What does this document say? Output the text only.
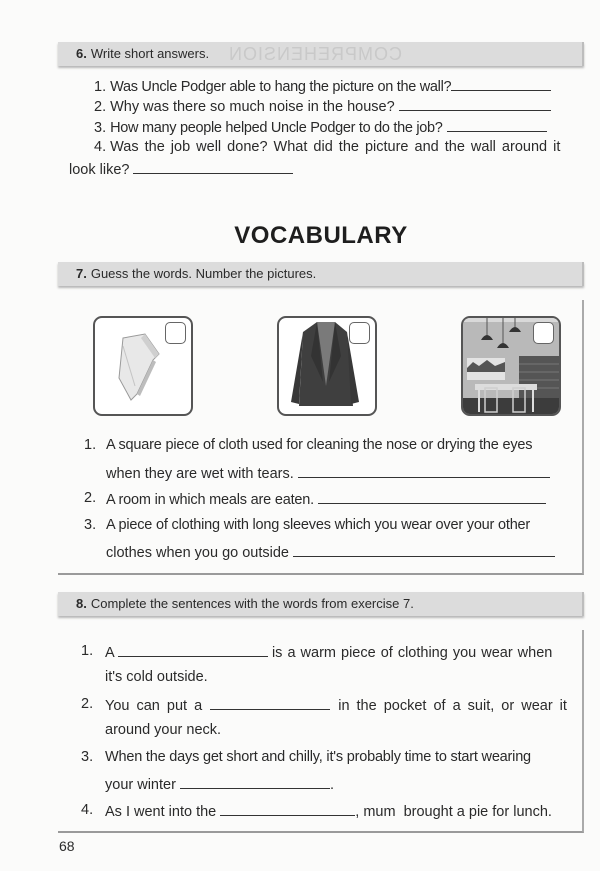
COMPREHENSION
6. Write short answers.
1. Was Uncle Podger able to hang the picture on the wall?
2. Why was there so much noise in the house?
3. How many people helped Uncle Podger to do the job?
4. Was the job well done? What did the picture and the wall around it
look like?
VOCABULARY
7. Guess the words. Number the pictures.
1. A square piece of cloth used for cleaning the nose or drying the eyes
when they are wet with tears.
2. A room in which meals are eaten.
3. A piece of clothing with long sleeves which you wear over your other
clothes when you go outside
8. Complete the sentences with the words from exercise 7.
1. A	is a warm piece of clothing you wear when
it's cold outside.
2. You can put a	in the pocket of a suit, or wear it
around your neck.
3. When the days get short and chilly, it's probably time to start wearing
your winter	.
4. As I went into the	, mum  brought a pie for lunch.
68
